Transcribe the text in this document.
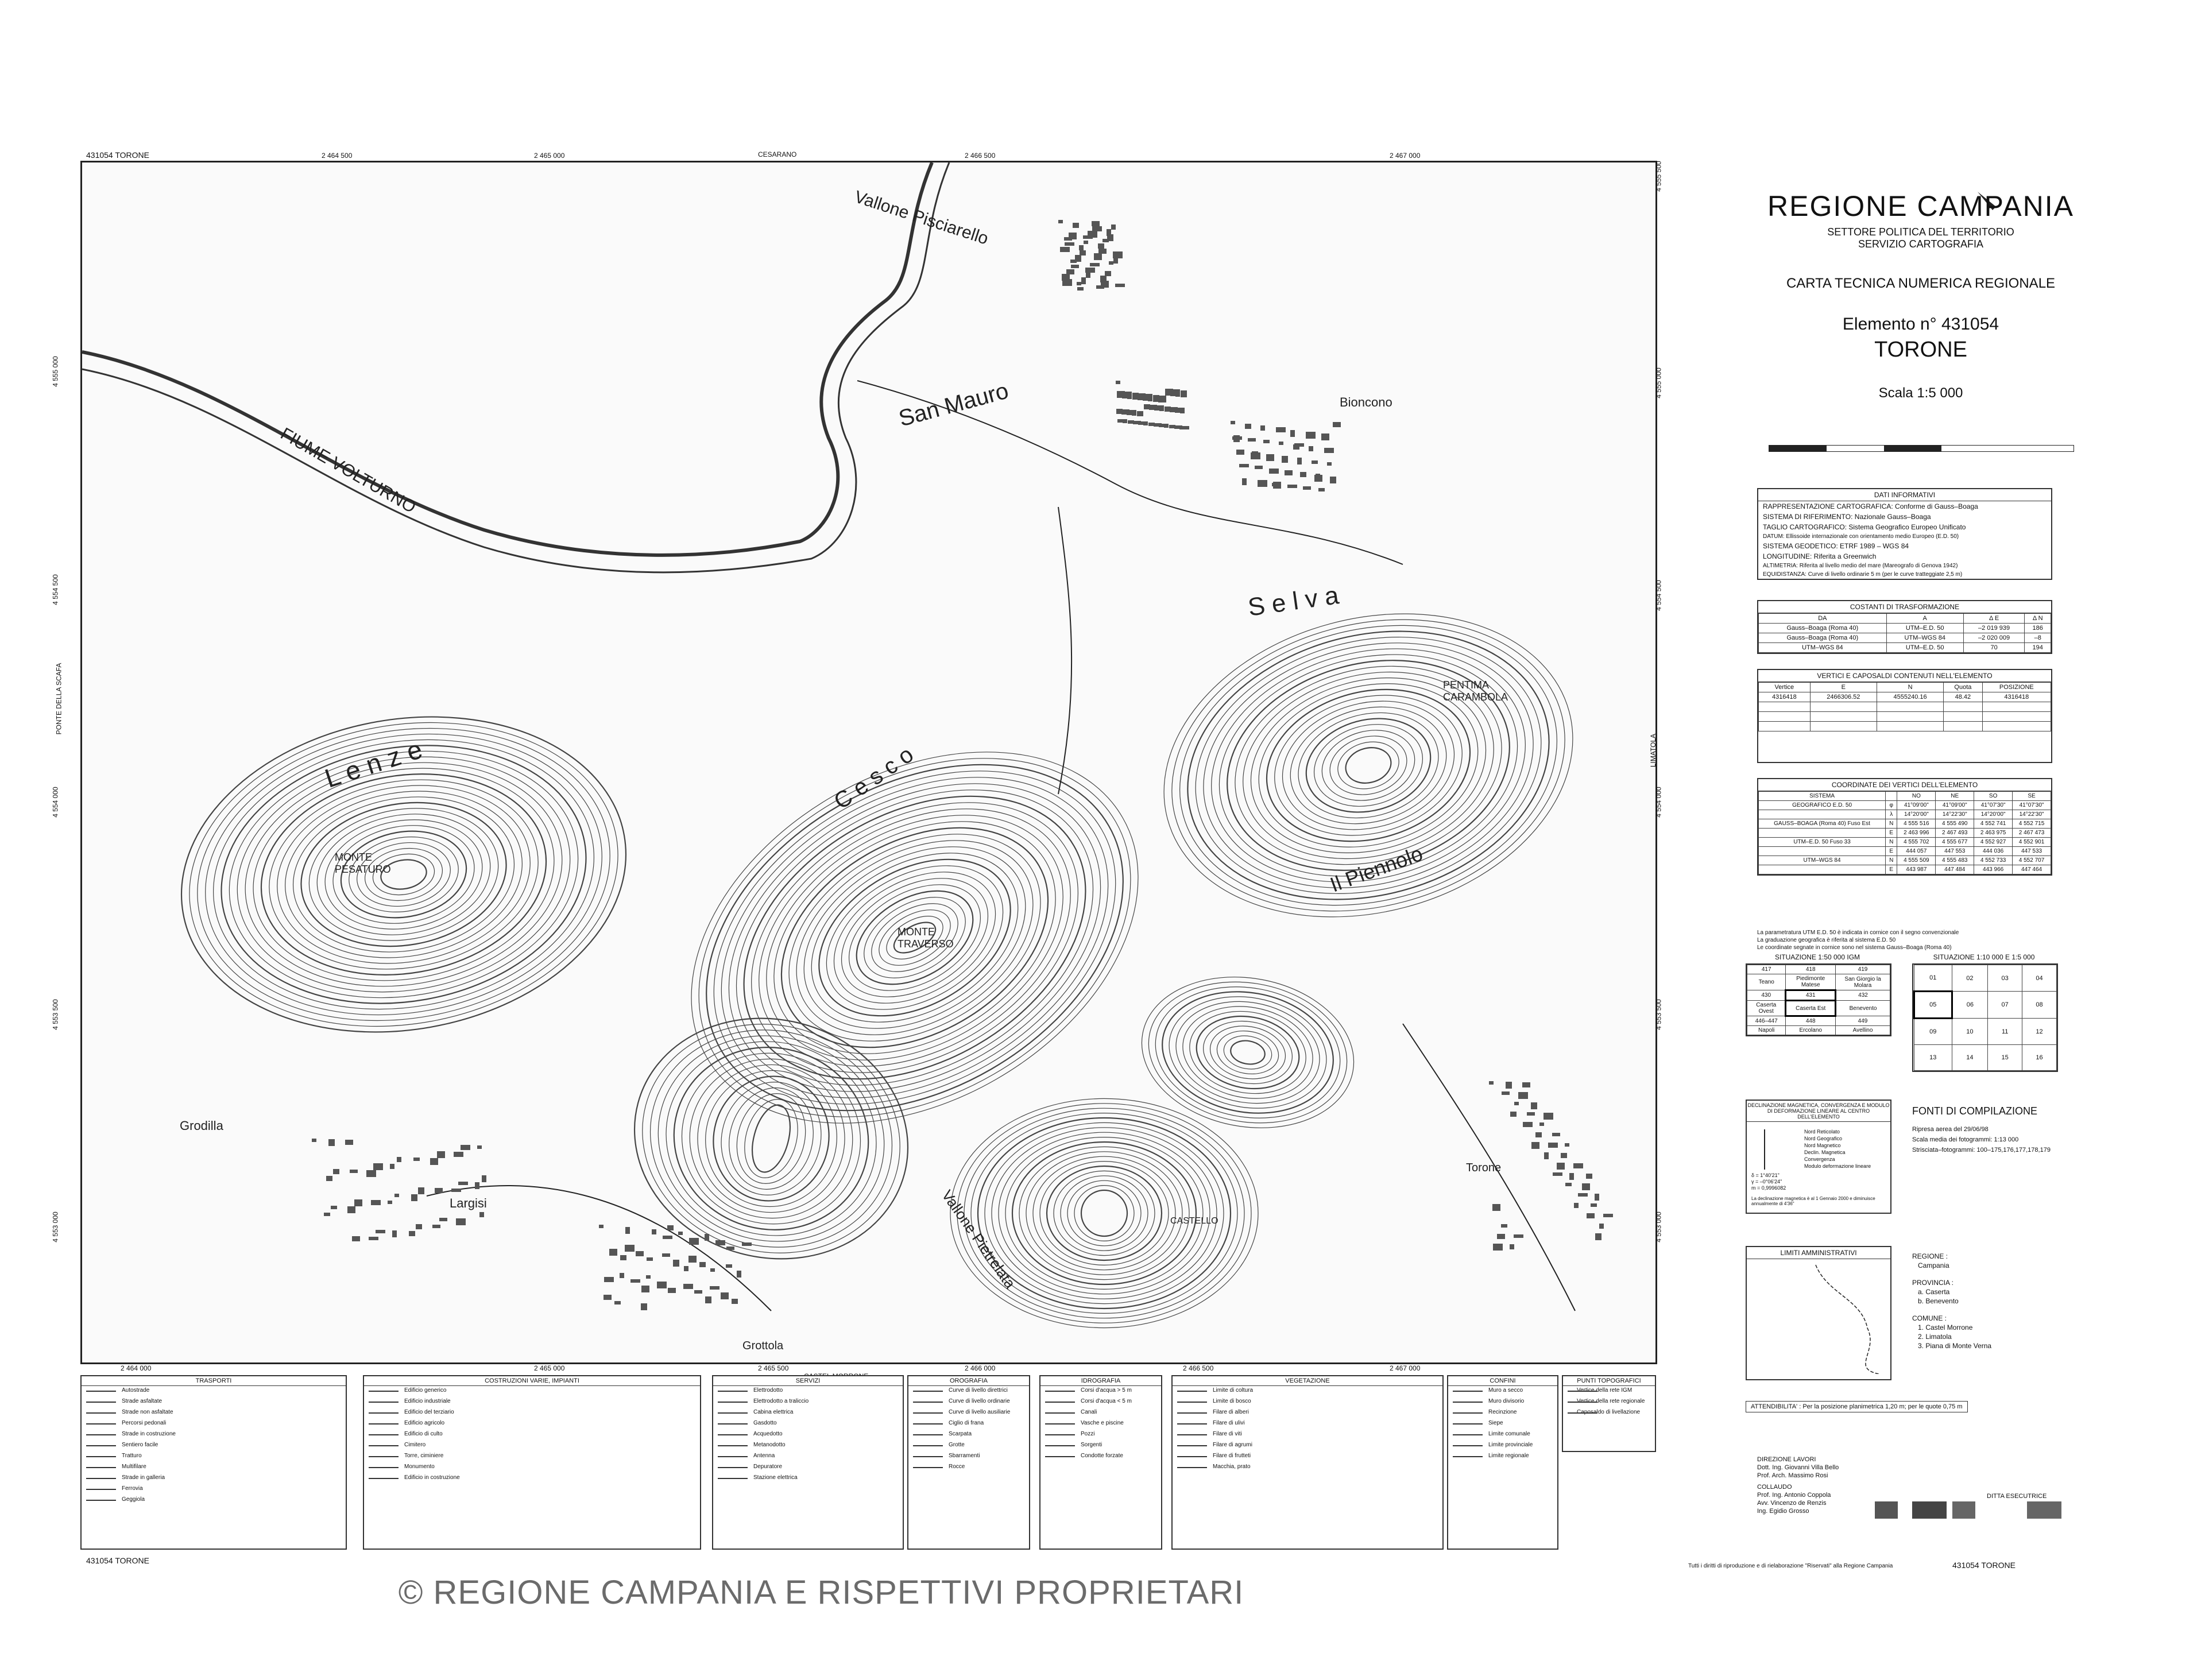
431054 TORONE
Vallone Pisciarello
San Mauro
FIUME VOLTURNO
Bioncono
PENTIMA CARAMBOLA
L e n z e
MONTE PESATURO
MONTE TRAVERSO
Grodilla
Largisi
Grottola
Torone
CASTELLO
Vallone Pietrelata
S e l v a
Il Piennolo
C e s c o
2 464 500	2 465 000	CESARANO	2 466 500	2 467 000
2 464 000	2 465 000	2 465 500	2 466 000	2 466 500	2 467 000
4 555 000
4 554 500
4 554 000
4 553 500
4 553 000
PONTE DELLA SCAFA
4 555 500
4 555 000
4 554 500
4 554 000
4 553 500
4 553 000
LIMATOLA
REGIONE CAMPANIA
SETTORE POLITICA DEL TERRITORIO
SERVIZIO CARTOGRAFIA
CARTA TECNICA NUMERICA REGIONALE
Elemento n° 431054
TORONE
Scala 1:5 000
DATI INFORMATIVI
RAPPRESENTAZIONE CARTOGRAFICA: Conforme di Gauss–Boaga
SISTEMA DI RIFERIMENTO: Nazionale Gauss–Boaga
TAGLIO CARTOGRAFICO: Sistema Geografico Europeo Unificato
DATUM: Ellissoide internazionale con orientamento medio Europeo (E.D. 50)
SISTEMA GEODETICO: ETRF 1989 – WGS 84
LONGITUDINE: Riferita a Greenwich
ALTIMETRIA: Riferita al livello medio del mare (Mareografo di Genova 1942)
EQUIDISTANZA: Curve di livello ordinarie 5 m (per le curve tratteggiate 2,5 m)
COSTANTI DI TRASFORMAZIONE
DA	A	Δ E	Δ N
Gauss–Boaga (Roma 40)	UTM–E.D. 50	–2 019 939	186
Gauss–Boaga (Roma 40)	UTM–WGS 84	–2 020 009	–8
UTM–WGS 84	UTM–E.D. 50	70	194
VERTICI E CAPOSALDI CONTENUTI NELL'ELEMENTO
Vertice	E	N	Quota	POSIZIONE
4316418	2466306.52	4555240.16	48.42	4316418

COORDINATE DEI VERTICI DELL'ELEMENTO
SISTEMA		NO	NE	SO	SE
GEOGRAFICO E.D. 50	φ	41°09'00"	41°09'00"	41°07'30"	41°07'30"
	λ	14°20'00"	14°22'30"	14°20'00"	14°22'30"
GAUSS–BOAGA (Roma 40) Fuso Est	N	4 555 516	4 555 490	4 552 741	4 552 715
	E	2 463 996	2 467 493	2 463 975	2 467 473
UTM–E.D. 50 Fuso 33	N	4 555 702	4 555 677	4 552 927	4 552 901
	E	444 057	447 553	444 036	447 533
UTM–WGS 84	N	4 555 509	4 555 483	4 552 733	4 552 707
	E	443 987	447 484	443 966	447 464
La parametratura UTM E.D. 50 è indicata in cornice con il segno convenzionale
La graduazione geografica è riferita al sistema E.D. 50
Le coordinate segnate in cornice sono nel sistema Gauss–Boaga (Roma 40)
SITUAZIONE 1:50 000 IGM
417	418	419
Teano	Piedimonte Matese	San Giorgio la Molara
430	431	432
Caserta Ovest	Caserta Est	Benevento
446–447	448	449
Napoli	Ercolano	Avellino
SITUAZIONE 1:10 000 E 1:5 000
01	02	03	04
05	06	07	08
09	10	11	12
13	14	15	16
DECLINAZIONE MAGNETICA, CONVERGENZA E MODULO DI DEFORMAZIONE LINEARE AL CENTRO DELL'ELEMENTO
Nord Reticolato
Nord Geografico
Nord Magnetico
Declin. Magnetica
Convergenza
Modulo deformazione lineare
δ = 1°40'21"
γ = –0°06'24"
m = 0,9996082
La declinazione magnetica è al 1 Gennaio 2000 e diminuisce annualmente di 4'36"
FONTI DI COMPILAZIONE
Ripresa aerea del 29/06/98
Scala media dei fotogrammi: 1:13 000
Strisciata–fotogrammi: 100–175,176,177,178,179
LIMITI AMMINISTRATIVI	REGIONE :
Campania
PROVINCIA :
a. Caserta
b. Benevento
COMUNE :
1. Castel Morrone
2. Limatola
3. Piana di Monte Verna
ATTENDIBILITA' : Per la posizione planimetrica 1,20 m; per le quote 0,75 m
DIREZIONE LAVORI
Dott. Ing. Giovanni Villa Bello
Prof. Arch. Massimo Rosi
COLLAUDO
Prof. Ing. Antonio Coppola
Avv. Vincenzo de Renzis
Ing. Egidio Grosso
DITTA ESECUTRICE
Tutti i diritti di riproduzione e di rielaborazione "Riservati" alla Regione Campania	431054 TORONE
431054 TORONE
TRASPORTI
Autostrade
Strade asfaltate
Strade non asfaltate
Percorsi pedonali
Strade in costruzione
Sentiero facile
Tratturo
Multifilare
Strade in galleria
Ferrovia
Geggiola
COSTRUZIONI VARIE, IMPIANTI
Edificio generico
Edificio industriale
Edificio del terziario
Edificio agricolo
Edificio di culto
Cimitero
Torre, ciminiere
Monumento
Edificio in costruzione
SERVIZI
Elettrodotto
Elettrodotto a traliccio
Cabina elettrica
Gasdotto
Acquedotto
Metanodotto
Antenna
Depuratore
Stazione elettrica
OROGRAFIA
Curve di livello direttrici
Curve di livello ordinarie
Curve di livello ausiliarie
Ciglio di frana
Scarpata
Grotte
Sbarramenti
Rocce
IDROGRAFIA
Corsi d'acqua > 5 m
Corsi d'acqua < 5 m
Canali
Vasche e piscine
Pozzi
Sorgenti
Condotte forzate
VEGETAZIONE
Limite di coltura
Limite di bosco
Filare di alberi
Filare di ulivi
Filare di viti
Filare di agrumi
Filare di frutteti
Macchia, prato
CONFINI
Muro a secco
Muro divisorio
Recinzione
Siepe
Limite comunale
Limite provinciale
Limite regionale
PUNTI TOPOGRAFICI
Vertice della rete IGM
Vertice della rete regionale
Caposaldo di livellazione
© REGIONE CAMPANIA E RISPETTIVI PROPRIETARI
